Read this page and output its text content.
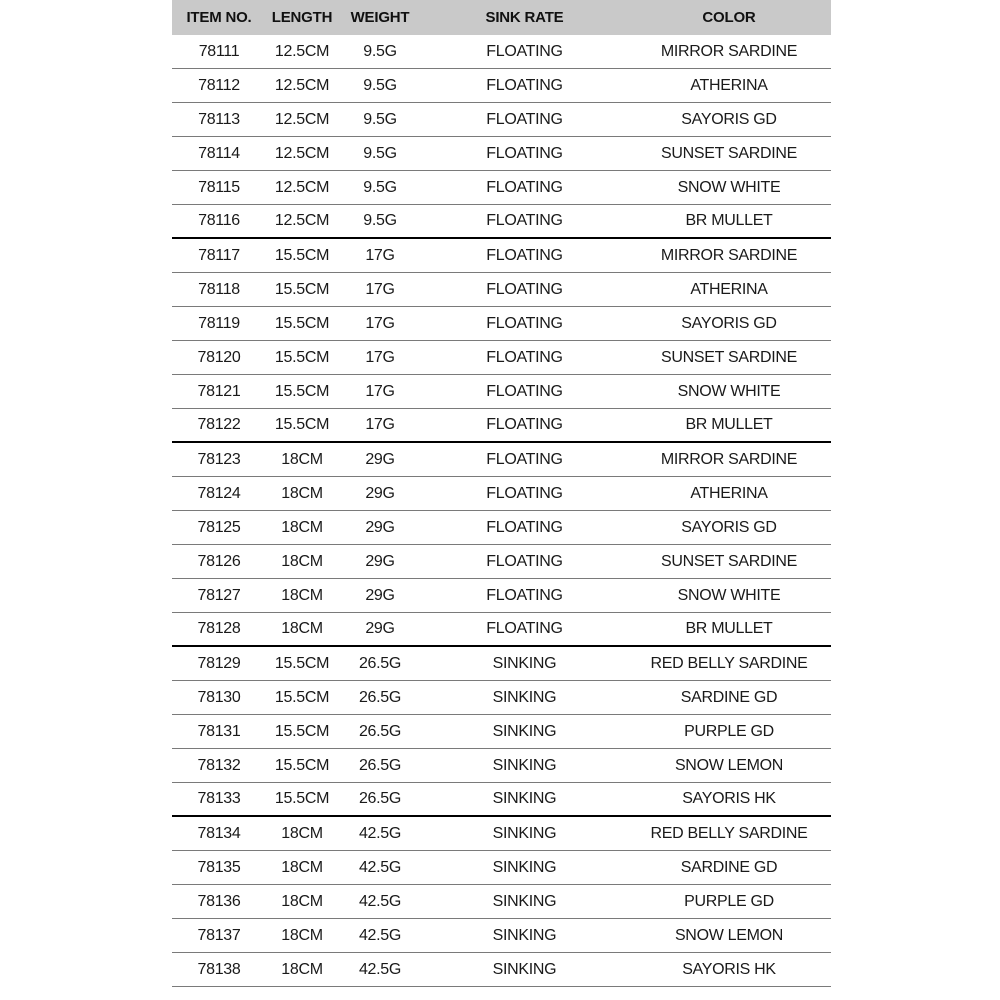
ITEM NO.	LENGTH	WEIGHT	SINK RATE	COLOR
78111	12.5CM	9.5G	FLOATING	MIRROR SARDINE
78112	12.5CM	9.5G	FLOATING	ATHERINA
78113	12.5CM	9.5G	FLOATING	SAYORIS GD
78114	12.5CM	9.5G	FLOATING	SUNSET SARDINE
78115	12.5CM	9.5G	FLOATING	SNOW WHITE
78116	12.5CM	9.5G	FLOATING	BR MULLET
78117	15.5CM	17G	FLOATING	MIRROR SARDINE
78118	15.5CM	17G	FLOATING	ATHERINA
78119	15.5CM	17G	FLOATING	SAYORIS GD
78120	15.5CM	17G	FLOATING	SUNSET SARDINE
78121	15.5CM	17G	FLOATING	SNOW WHITE
78122	15.5CM	17G	FLOATING	BR MULLET
78123	18CM	29G	FLOATING	MIRROR SARDINE
78124	18CM	29G	FLOATING	ATHERINA
78125	18CM	29G	FLOATING	SAYORIS GD
78126	18CM	29G	FLOATING	SUNSET SARDINE
78127	18CM	29G	FLOATING	SNOW WHITE
78128	18CM	29G	FLOATING	BR MULLET
78129	15.5CM	26.5G	SINKING	RED BELLY SARDINE
78130	15.5CM	26.5G	SINKING	SARDINE GD
78131	15.5CM	26.5G	SINKING	PURPLE GD
78132	15.5CM	26.5G	SINKING	SNOW LEMON
78133	15.5CM	26.5G	SINKING	SAYORIS HK
78134	18CM	42.5G	SINKING	RED BELLY SARDINE
78135	18CM	42.5G	SINKING	SARDINE GD
78136	18CM	42.5G	SINKING	PURPLE GD
78137	18CM	42.5G	SINKING	SNOW LEMON
78138	18CM	42.5G	SINKING	SAYORIS HK
